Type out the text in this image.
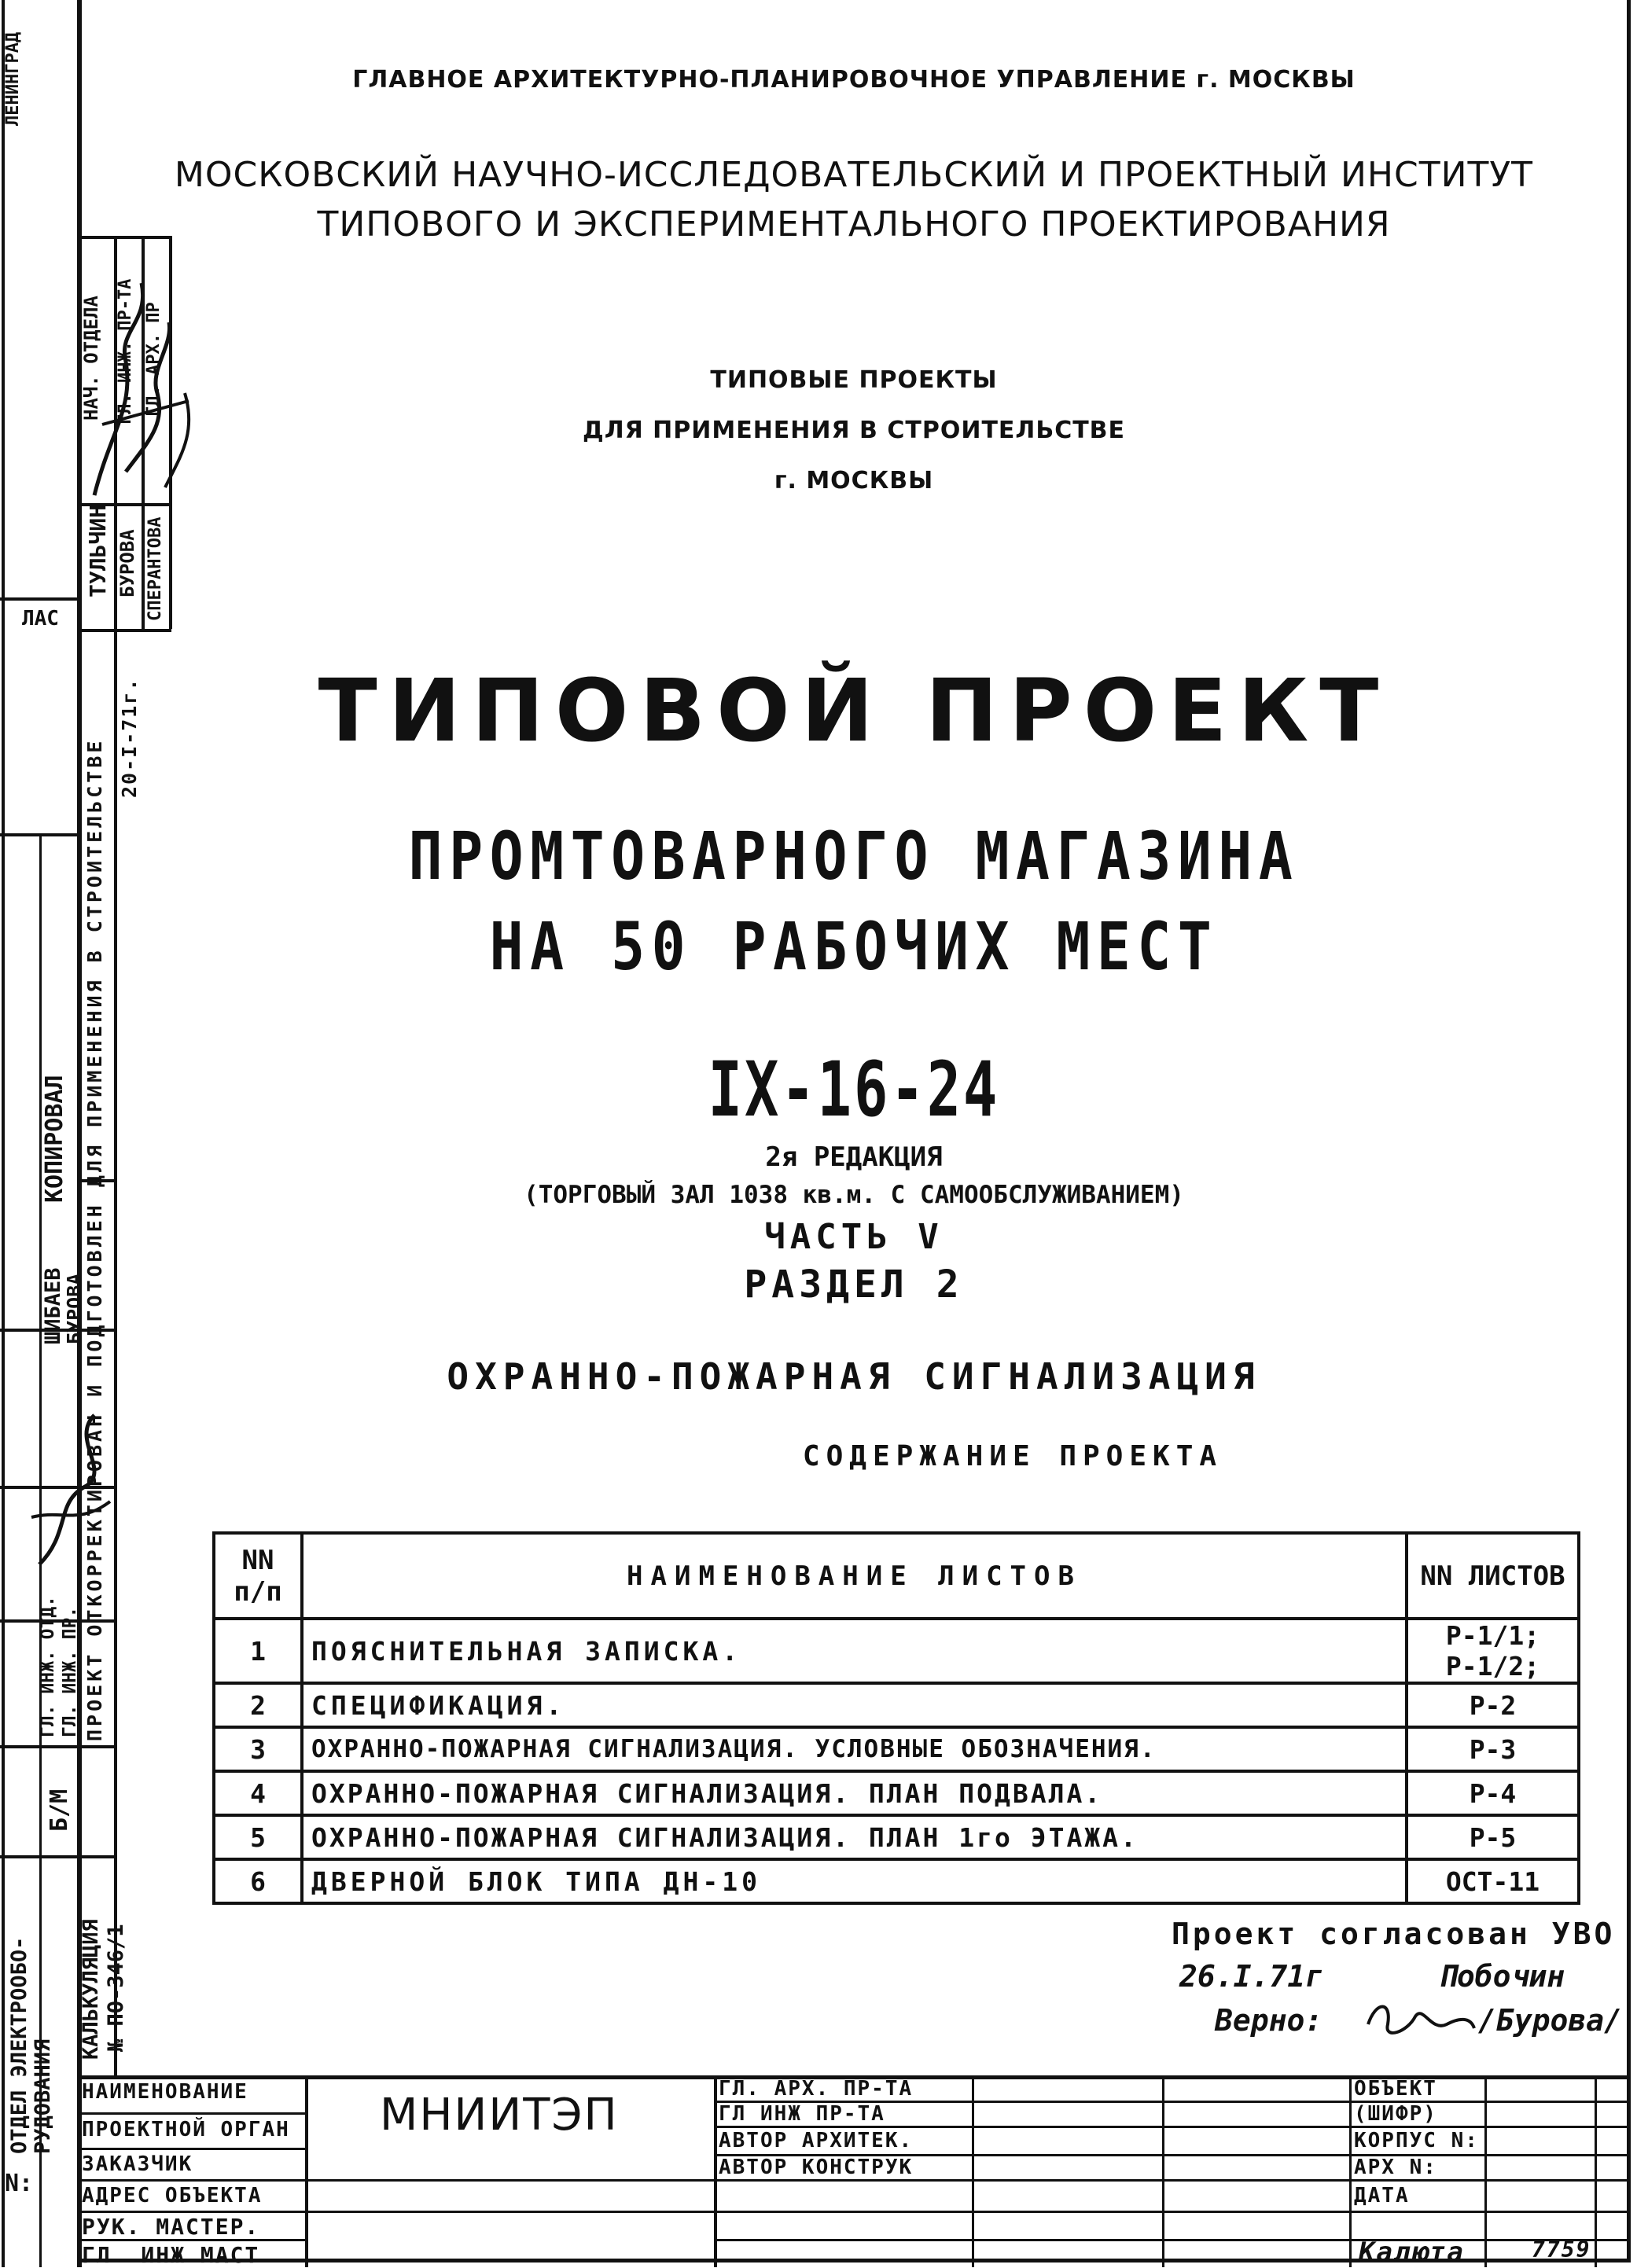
ЛЕНИНГРАД
НАЧ. ОТДЕЛА ГЛ. ИНЖ. ПР-ТА ГЛ. АРХ. ПР
ТУЛЬЧИН БУРОВА СПЕРАНТОВА
ЛАС
ПРОЕКТ ОТКОРРЕКТИРОВАН И ПОДГОТОВЛЕН ДЛЯ ПРИМЕНЕНИЯ В СТРОИТЕЛЬСТВЕ
20-I-71г.
КОПИРОВАЛ
ШИБАЕВ
БУРОВА
ГЛ. ИНЖ. ОТД. ГЛ. ИНЖ. ПР.
Б/М
КАЛЬКУЛЯЦИЯ № ПО-346/1
ОТДЕЛ ЭЛЕКТРООБО-РУДОВАНИЯ
N:
ГЛАВНОЕ АРХИТЕКТУРНО-ПЛАНИРОВОЧНОЕ УПРАВЛЕНИЕ г. МОСКВЫ
МОСКОВСКИЙ НАУЧНО-ИССЛЕДОВАТЕЛЬСКИЙ И ПРОЕКТНЫЙ ИНСТИТУТ
ТИПОВОГО И ЭКСПЕРИМЕНТАЛЬНОГО ПРОЕКТИРОВАНИЯ
ТИПОВЫЕ ПРОЕКТЫ
ДЛЯ ПРИМЕНЕНИЯ В СТРОИТЕЛЬСТВЕ
г. МОСКВЫ
ТИПОВОЙ ПРОЕКТ
ПРОМТОВАРНОГО МАГАЗИНА
НА 50 РАБОЧИХ МЕСТ
IX-16-24
2я РЕДАКЦИЯ
(ТОРГОВЫЙ ЗАЛ 1038 кв.м. С САМООБСЛУЖИВАНИЕМ)
ЧАСТЬ V
РАЗДЕЛ 2
ОХРАННО-ПОЖАРНАЯ СИГНАЛИЗАЦИЯ
СОДЕРЖАНИЕ ПРОЕКТА
NN п/п	НАИМЕНОВАНИЕ ЛИСТОВ	NN ЛИСТОВ
1	ПОЯСНИТЕЛЬНАЯ ЗАПИСКА.	Р-1/1; Р-1/2;
2	СПЕЦИФИКАЦИЯ.	Р-2
3	ОХРАННО-ПОЖАРНАЯ СИГНАЛИЗАЦИЯ. УСЛОВНЫЕ ОБОЗНАЧЕНИЯ.	Р-3
4	ОХРАННО-ПОЖАРНАЯ СИГНАЛИЗАЦИЯ. ПЛАН ПОДВАЛА.	Р-4
5	ОХРАННО-ПОЖАРНАЯ СИГНАЛИЗАЦИЯ. ПЛАН 1го ЭТАЖА.	Р-5
6	ДВЕРНОЙ БЛОК ТИПА ДН-10	ОСТ-11
Проект согласован УВО
26.I.71г	Побочин
Верно:	/Бурова/
НАИМЕНОВАНИЕ
ПРОЕКТНОЙ ОРГАН
ЗАКАЗЧИК
АДРЕС ОБЪЕКТА
РУК. МАСТЕР.
ГЛ. ИНЖ МАСТ
МНИИТЭП
ГЛ. АРХ. ПР-ТА
ГЛ ИНЖ ПР-ТА
АВТОР АРХИТЕК.
АВТОР КОНСТРУК
ОБЪЕКТ
(ШИФР)
КОРПУС N:
АРХ N:
ДАТА
Калюта	7759
